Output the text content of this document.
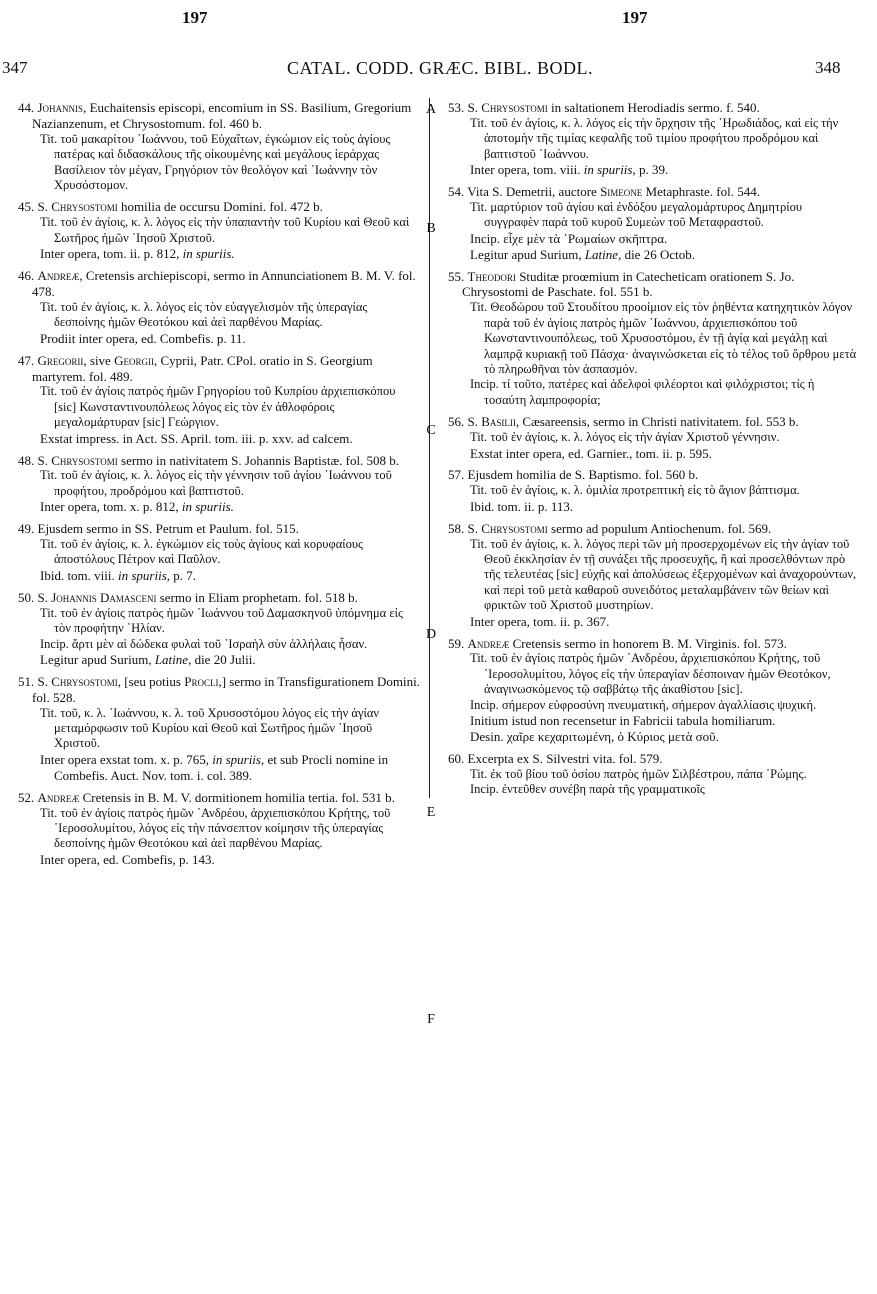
197	197
347	CATAL. CODD. GRÆC. BIBL. BODL.	348
A
B
C
D
E
F
44. Johannis, Euchaitensis episcopi, encomium in SS. Basilium, Gregorium Nazianzenum, et Chrysostomum. fol. 460 b.
Tit. τοῦ μακαρίτου ᾿Ιωάννου, τοῦ Εὐχαΐτων, ἐγκώμιον εἰς τοὺς ἁγίους πατέρας καὶ διδασκάλους τῆς οἰκουμένης καὶ μεγάλους ἱεράρχας Βασίλειον τὸν μέγαν, Γρηγόριον τὸν θεολόγον καὶ ᾿Ιωάννην τὸν Χρυσόστομον.
45. S. Chrysostomi homilia de occursu Domini. fol. 472 b.
Tit. τοῦ ἐν ἁγίοις, κ. λ. λόγος εἰς τὴν ὑπαπαντὴν τοῦ Κυρίου καὶ Θεοῦ καὶ Σωτῆρος ἡμῶν ᾿Ιησοῦ Χριστοῦ.
Inter opera, tom. ii. p. 812, in spuriis.
46. Andreæ, Cretensis archiepiscopi, sermo in Annunciationem B. M. V. fol. 478.
Tit. τοῦ ἐν ἁγίοις, κ. λ. λόγος εἰς τὸν εὐαγγελισμὸν τῆς ὑπεραγίας δεσποίνης ἡμῶν Θεοτόκου καὶ ἀεὶ παρθένου Μαρίας.
Prodiit inter opera, ed. Combefis. p. 11.
47. Gregorii, sive Georgii, Cyprii, Patr. CPol. oratio in S. Georgium martyrem. fol. 489.
Tit. τοῦ ἐν ἁγίοις πατρὸς ἡμῶν Γρηγορίου τοῦ Κυπρίου ἀρχιεπισκόπου [sic] Κωνσταντινουπόλεως λόγος εἰς τὸν ἐν ἀθλοφόροις μεγαλομάρτυραν [sic] Γεώργιον.
Exstat impress. in Act. SS. April. tom. iii. p. xxv. ad calcem.
48. S. Chrysostomi sermo in nativitatem S. Johannis Baptistæ. fol. 508 b.
Tit. τοῦ ἐν ἁγίοις, κ. λ. λόγος εἰς τὴν γέννησιν τοῦ ἁγίου ᾿Ιωάννου τοῦ προφήτου, προδρόμου καὶ βαπτιστοῦ.
Inter opera, tom. x. p. 812, in spuriis.
49. Ejusdem sermo in SS. Petrum et Paulum. fol. 515.
Tit. τοῦ ἐν ἁγίοις, κ. λ. ἐγκώμιον εἰς τοὺς ἁγίους καὶ κορυφαίους ἀποστόλους Πέτρον καὶ Παῦλον.
Ibid. tom. viii. in spuriis, p. 7.
50. S. Johannis Damasceni sermo in Eliam prophetam. fol. 518 b.
Tit. τοῦ ἐν ἁγίοις πατρὸς ἡμῶν ᾿Ιωάννου τοῦ Δαμασκηνοῦ ὑπόμνημα εἰς τὸν προφήτην ᾿Ηλίαν.
Incip. ἄρτι μὲν αἱ δώδεκα φυλαὶ τοῦ ᾿Ισραὴλ σὺν ἀλλήλαις ἦσαν.
Legitur apud Surium, Latine, die 20 Julii.
51. S. Chrysostomi, [seu potius Procli,] sermo in Transfigurationem Domini. fol. 528.
Tit. τοῦ, κ. λ. ᾿Ιωάννου, κ. λ. τοῦ Χρυσοστόμου λόγος εἰς τὴν ἁγίαν μεταμόρφωσιν τοῦ Κυρίου καὶ Θεοῦ καὶ Σωτῆρος ἡμῶν ᾿Ιησοῦ Χριστοῦ.
Inter opera exstat tom. x. p. 765, in spuriis, et sub Procli nomine in Combefis. Auct. Nov. tom. i. col. 389.
52. Andreæ Cretensis in B. M. V. dormitionem homilia tertia. fol. 531 b.
Tit. τοῦ ἐν ἁγίοις πατρὸς ἡμῶν ᾿Ανδρέου, ἀρχιεπισκόπου Κρήτης, τοῦ ῾Ιεροσολυμίτου, λόγος εἰς τὴν πάνσεπτον κοίμησιν τῆς ὑπεραγίας δεσποίνης ἡμῶν Θεοτόκου καὶ ἀεὶ παρθένου Μαρίας.
Inter opera, ed. Combefis, p. 143.
53. S. Chrysostomi in saltationem Herodiadis sermo. f. 540.
Tit. τοῦ ἐν ἁγίοις, κ. λ. λόγος εἰς τὴν ὄρχησιν τῆς ῾Ηρωδιάδος, καὶ εἰς τὴν ἀποτομὴν τῆς τιμίας κεφαλῆς τοῦ τιμίου προφήτου προδρόμου καὶ βαπτιστοῦ ᾿Ιωάννου.
Inter opera, tom. viii. in spuriis, p. 39.
54. Vita S. Demetrii, auctore Simeone Metaphraste. fol. 544.
Tit. μαρτύριον τοῦ ἁγίου καὶ ἐνδόξου μεγαλομάρτυρος Δημητρίου συγγραφὲν παρὰ τοῦ κυροῦ Συμεὼν τοῦ Μεταφραστοῦ.
Incip. εἶχε μὲν τὰ ῾Ρωμαίων σκῆπτρα.
Legitur apud Surium, Latine, die 26 Octob.
55. Theodori Studitæ proœmium in Catecheticam orationem S. Jo. Chrysostomi de Paschate. fol. 551 b.
Tit. Θεοδώρου τοῦ Στουδίτου προοίμιον εἰς τὸν ῥηθέντα κατηχητικὸν λόγον παρὰ τοῦ ἐν ἁγίοις πατρὸς ἡμῶν ᾿Ιωάννου, ἀρχιεπισκόπου τοῦ Κωνσταντινουπόλεως, τοῦ Χρυσοστόμου, ἐν τῇ ἁγίᾳ καὶ μεγάλῃ καὶ λαμπρᾷ κυριακῇ τοῦ Πάσχα· ἀναγινώσκεται εἰς τὸ τέλος τοῦ ὄρθρου μετὰ τὸ πληρωθῆναι τὸν ἀσπασμόν.
Incip. τί τοῦτο, πατέρες καὶ ἀδελφοὶ φιλέορτοι καὶ φιλόχριστοι; τίς ἡ τοσαύτη λαμπροφορία;
56. S. Basilii, Cæsareensis, sermo in Christi nativitatem. fol. 553 b.
Tit. τοῦ ἐν ἁγίοις, κ. λ. λόγος εἰς τὴν ἁγίαν Χριστοῦ γέννησιν.
Exstat inter opera, ed. Garnier., tom. ii. p. 595.
57. Ejusdem homilia de S. Baptismo. fol. 560 b.
Tit. τοῦ ἐν ἁγίοις, κ. λ. ὁμιλία προτρεπτικὴ εἰς τὸ ἅγιον βάπτισμα.
Ibid. tom. ii. p. 113.
58. S. Chrysostomi sermo ad populum Antiochenum. fol. 569.
Tit. τοῦ ἐν ἁγίοις, κ. λ. λόγος περὶ τῶν μὴ προσερχομένων εἰς τὴν ἁγίαν τοῦ Θεοῦ ἐκκλησίαν ἐν τῇ συνάξει τῆς προσευχῆς, ἢ καὶ προσελθόντων πρὸ τῆς τελευτέας [sic] εὐχῆς καὶ ἀπολύσεως ἐξερχομένων καὶ ἀναχορούντων, καὶ περὶ τοῦ μετὰ καθαροῦ συνειδότος μεταλαμβάνειν τῶν θείων καὶ φρικτῶν τοῦ Χριστοῦ μυστηρίων.
Inter opera, tom. ii. p. 367.
59. Andreæ Cretensis sermo in honorem B. M. Virginis. fol. 573.
Tit. τοῦ ἐν ἁγίοις πατρὸς ἡμῶν ᾿Ανδρέου, ἀρχιεπισκόπου Κρήτης, τοῦ ῾Ιεροσολυμίτου, λόγος εἰς τὴν ὑπεραγίαν δέσποιναν ἡμῶν Θεοτόκον, ἀναγινωσκόμενος τῷ σαββάτῳ τῆς ἀκαθίστου [sic].
Incip. σήμερον εὐφροσύνη πνευματική, σήμερον ἀγαλλίασις ψυχική.
Initium istud non recensetur in Fabricii tabula homiliarum.
Desin. χαῖρε κεχαριτωμένη, ὁ Κύριος μετὰ σοῦ.
60. Excerpta ex S. Silvestri vita. fol. 579.
Tit. ἐκ τοῦ βίου τοῦ ὁσίου πατρὸς ἡμῶν Σιλβέστρου, πάπα ῾Ρώμης.
Incip. ἐντεῦθεν συνέβη παρὰ τῆς γραμματικοῖς
